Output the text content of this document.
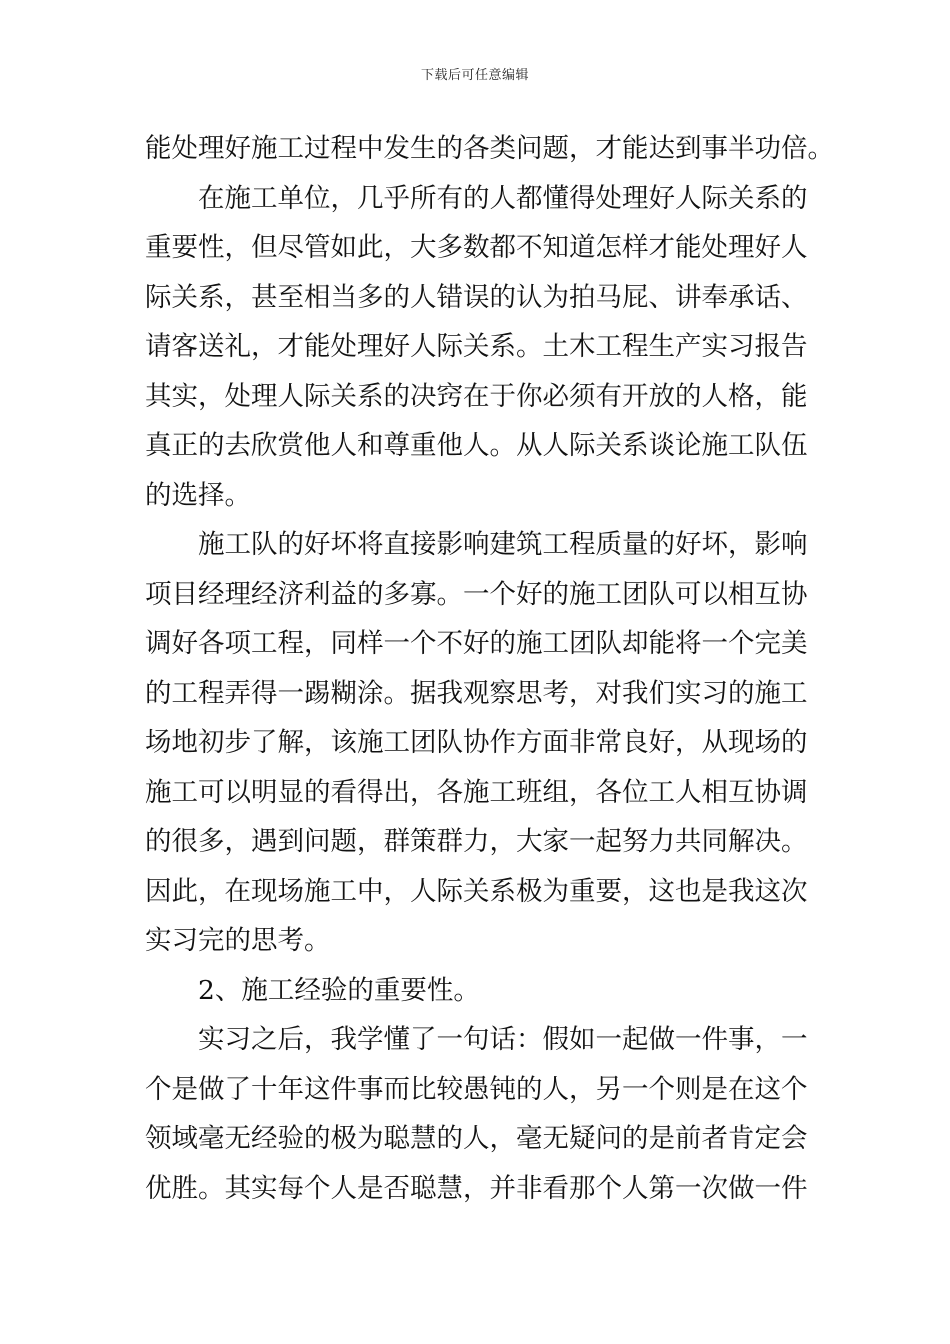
下载后可任意编辑
能处理好施工过程中发生的各类问题，才能达到事半功倍。
在施工单位，几乎所有的人都懂得处理好人际关系的
重要性，但尽管如此，大多数都不知道怎样才能处理好人
际关系，甚至相当多的人错误的认为拍马屁、讲奉承话、
请客送礼，才能处理好人际关系。土木工程生产实习报告
其实，处理人际关系的决窍在于你必须有开放的人格，能
真正的去欣赏他人和尊重他人。从人际关系谈论施工队伍
的选择。
施工队的好坏将直接影响建筑工程质量的好坏，影响
项目经理经济利益的多寡。一个好的施工团队可以相互协
调好各项工程，同样一个不好的施工团队却能将一个完美
的工程弄得一踢糊涂。据我观察思考，对我们实习的施工
场地初步了解，该施工团队协作方面非常良好，从现场的
施工可以明显的看得出，各施工班组，各位工人相互协调
的很多，遇到问题，群策群力，大家一起努力共同解决。
因此，在现场施工中，人际关系极为重要，这也是我这次
实习完的思考。
2、施工经验的重要性。
实习之后，我学懂了一句话：假如一起做一件事，一
个是做了十年这件事而比较愚钝的人，另一个则是在这个
领域毫无经验的极为聪慧的人，毫无疑问的是前者肯定会
优胜。其实每个人是否聪慧，并非看那个人第一次做一件
